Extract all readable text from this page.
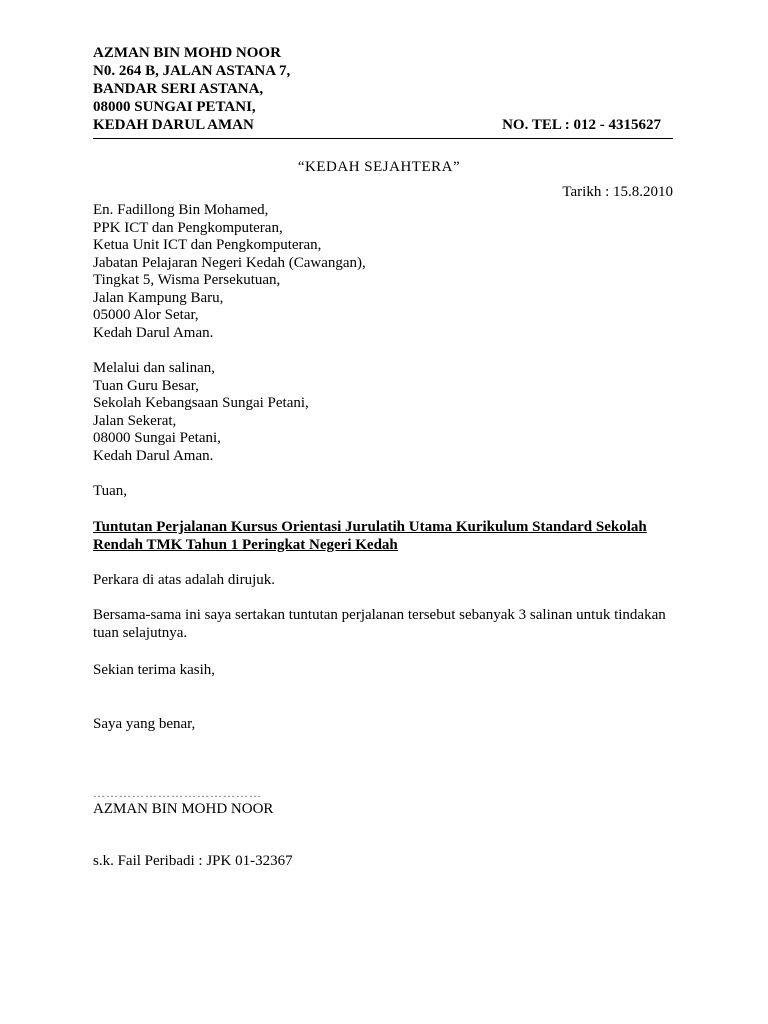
AZMAN BIN MOHD NOOR
N0. 264 B, JALAN ASTANA 7,
BANDAR SERI ASTANA,
08000 SUNGAI PETANI,
KEDAH DARUL AMAN	NO. TEL : 012 - 4315627
“KEDAH SEJAHTERA”
Tarikh : 15.8.2010
En. Fadillong Bin Mohamed,
PPK ICT dan Pengkomputeran,
Ketua Unit ICT dan Pengkomputeran,
Jabatan Pelajaran Negeri Kedah (Cawangan),
Tingkat 5, Wisma Persekutuan,
Jalan Kampung Baru,
05000 Alor Setar,
Kedah Darul Aman.
Melalui dan salinan,
Tuan Guru Besar,
Sekolah Kebangsaan Sungai Petani,
Jalan Sekerat,
08000 Sungai Petani,
Kedah Darul Aman.
Tuan,
Tuntutan Perjalanan Kursus Orientasi Jurulatih Utama Kurikulum Standard Sekolah
Rendah TMK Tahun 1 Peringkat Negeri Kedah
Perkara di atas adalah dirujuk.
Bersama-sama ini saya sertakan tuntutan perjalanan tersebut sebanyak 3 salinan untuk tindakan
tuan selajutnya.
Sekian terima kasih,
Saya yang benar,
…………………………………
AZMAN BIN MOHD NOOR
s.k. Fail Peribadi : JPK 01-32367
